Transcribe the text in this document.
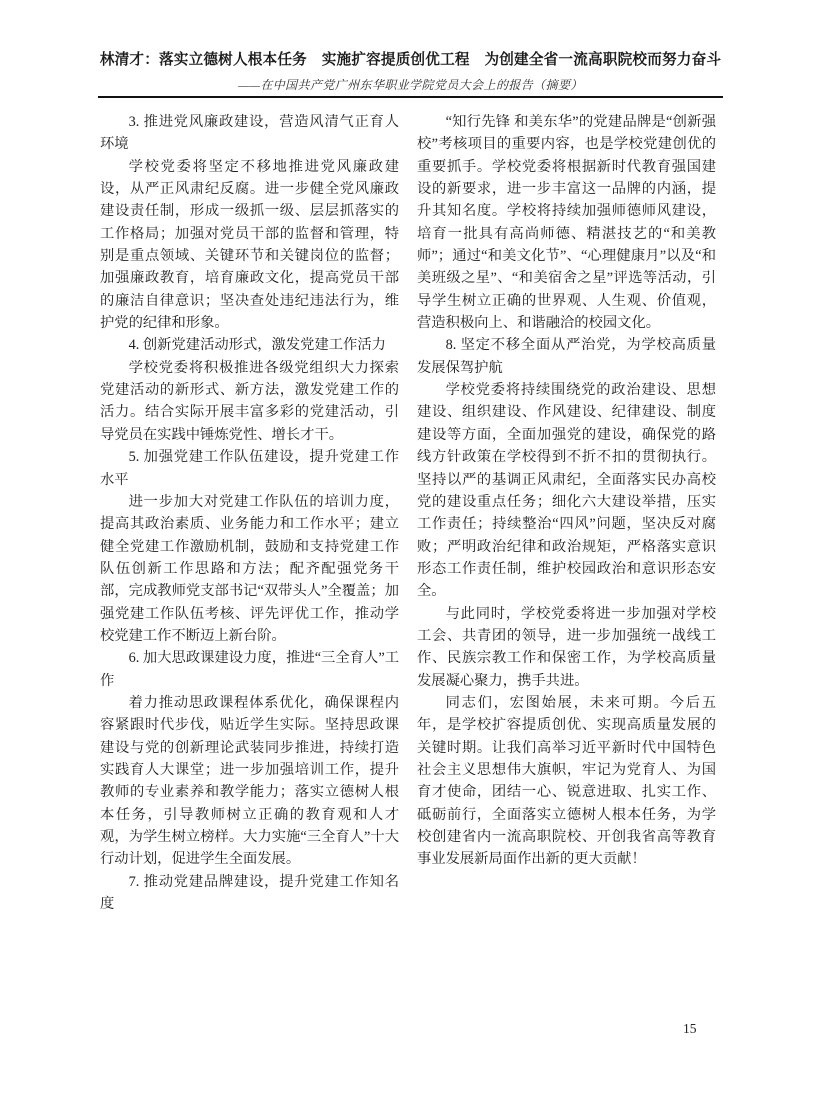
林清才：落实立德树人根本任务　实施扩容提质创优工程　为创建全省一流高职院校而努力奋斗
——在中国共产党广州东华职业学院党员大会上的报告（摘要）

3. 推进党风廉政建设，营造风清气正育人环境

学校党委将坚定不移地推进党风廉政建设，从严正风肃纪反腐。进一步健全党风廉政建设责任制，形成一级抓一级、层层抓落实的工作格局；加强对党员干部的监督和管理，特别是重点领域、关键环节和关键岗位的监督；加强廉政教育，培育廉政文化，提高党员干部的廉洁自律意识；坚决查处违纪违法行为，维护党的纪律和形象。

4. 创新党建活动形式，激发党建工作活力

学校党委将积极推进各级党组织大力探索党建活动的新形式、新方法，激发党建工作的活力。结合实际开展丰富多彩的党建活动，引导党员在实践中锤炼党性、增长才干。

5. 加强党建工作队伍建设，提升党建工作水平

进一步加大对党建工作队伍的培训力度，提高其政治素质、业务能力和工作水平；建立健全党建工作激励机制，鼓励和支持党建工作队伍创新工作思路和方法；配齐配强党务干部，完成教师党支部书记“双带头人”全覆盖；加强党建工作队伍考核、评先评优工作，推动学校党建工作不断迈上新台阶。

6. 加大思政课建设力度，推进“三全育人”工作

着力推动思政课程体系优化，确保课程内容紧跟时代步伐，贴近学生实际。坚持思政课建设与党的创新理论武装同步推进，持续打造实践育人大课堂；进一步加强培训工作，提升教师的专业素养和教学能力；落实立德树人根本任务，引导教师树立正确的教育观和人才观，为学生树立榜样。大力实施“三全育人”十大行动计划，促进学生全面发展。

7. 推动党建品牌建设，提升党建工作知名度

“知行先锋 和美东华”的党建品牌是“创新强校”考核项目的重要内容，也是学校党建创优的重要抓手。学校党委将根据新时代教育强国建设的新要求，进一步丰富这一品牌的内涵，提升其知名度。学校将持续加强师德师风建设，培育一批具有高尚师德、精湛技艺的“和美教师”；通过“和美文化节”、“心理健康月”以及“和美班级之星”、“和美宿舍之星”评选等活动，引导学生树立正确的世界观、人生观、价值观，营造积极向上、和谐融洽的校园文化。

8. 坚定不移全面从严治党，为学校高质量发展保驾护航

学校党委将持续围绕党的政治建设、思想建设、组织建设、作风建设、纪律建设、制度建设等方面，全面加强党的建设，确保党的路线方针政策在学校得到不折不扣的贯彻执行。坚持以严的基调正风肃纪，全面落实民办高校党的建设重点任务；细化六大建设举措，压实工作责任；持续整治“四风”问题，坚决反对腐败；严明政治纪律和政治规矩，严格落实意识形态工作责任制，维护校园政治和意识形态安全。

与此同时，学校党委将进一步加强对学校工会、共青团的领导，进一步加强统一战线工作、民族宗教工作和保密工作，为学校高质量发展凝心聚力，携手共进。

同志们，宏图始展，未来可期。今后五年，是学校扩容提质创优、实现高质量发展的关键时期。让我们高举习近平新时代中国特色社会主义思想伟大旗帜，牢记为党育人、为国育才使命，团结一心、锐意进取、扎实工作、砥砺前行，全面落实立德树人根本任务，为学校创建省内一流高职院校、开创我省高等教育事业发展新局面作出新的更大贡献！

15
